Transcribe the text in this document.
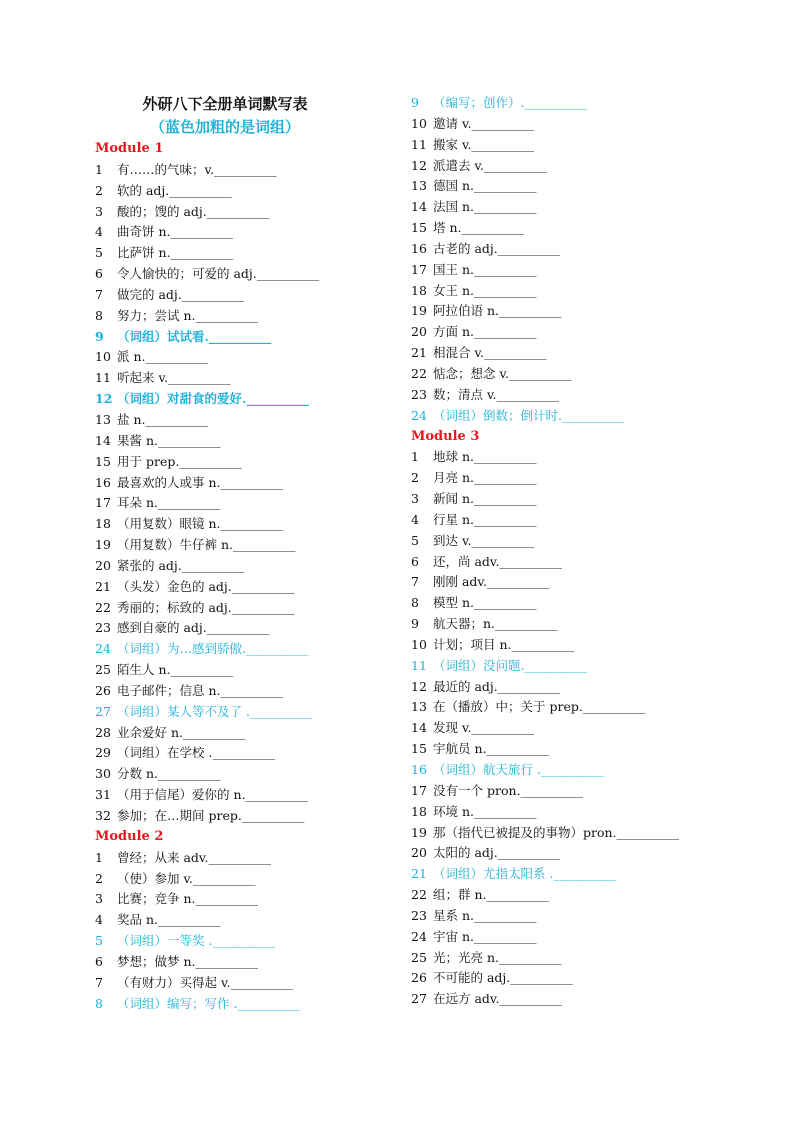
外研八下全册单词默写表
（蓝色加粗的是词组）
Module 1
1 有……的气味；v.__________
2 软的 adj.__________
3 酸的；馊的 adj.__________
4 曲奇饼 n.__________
5 比萨饼 n.__________
6 令人愉快的；可爱的 adj.__________
7 做完的 adj.__________
8 努力；尝试 n.__________
9 （词组）试试看.__________
10 派 n.__________
11 听起来 v.__________
12 （词组）对甜食的爱好.__________
13 盐 n.__________
14 果酱 n.__________
15 用于 prep.__________
16 最喜欢的人或事 n.__________
17 耳朵 n.__________
18 （用复数）眼镜 n.__________
19 （用复数）牛仔裤 n.__________
20 紧张的 adj.__________
21 （头发）金色的 adj.__________
22 秀丽的；标致的 adj.__________
23 感到自豪的 adj.__________
24 （词组）为…感到骄傲.__________
25 陌生人 n.__________
26 电子邮件；信息 n.__________
27 （词组）某人等不及了 .__________
28 业余爱好 n.__________
29 （词组）在学校 .__________
30 分数 n.__________
31 （用于信尾）爱你的 n.__________
32 参加；在…期间 prep.__________
Module 2
1 曾经；从来 adv.__________
2 （使）参加 v.__________
3 比赛；竞争 n.__________
4 奖品 n.__________
5 （词组）一等奖 .__________
6 梦想；做梦 n.__________
7 （有财力）买得起 v.__________
8 （词组）编写；写作 .__________
9 （编写；创作）.__________
10 邀请 v.__________
11 搬家 v.__________
12 派遣去 v.__________
13 德国 n.__________
14 法国 n.__________
15 塔 n.__________
16 古老的 adj.__________
17 国王 n.__________
18 女王 n.__________
19 阿拉伯语 n.__________
20 方面 n.__________
21 相混合 v.__________
22 惦念；想念 v.__________
23 数；清点 v.__________
24 （词组）倒数；倒计时.__________
Module 3
1 地球 n.__________
2 月亮 n.__________
3 新闻 n.__________
4 行星 n.__________
5 到达 v.__________
6 还，尚 adv.__________
7 刚刚 adv.__________
8 模型 n.__________
9 航天器；n.__________
10 计划；项目 n.__________
11 （词组）没问题.__________
12 最近的 adj.__________
13 在（播放）中；关于 prep.__________
14 发现 v.__________
15 宇航员 n.__________
16 （词组）航天旅行 .__________
17 没有一个 pron.__________
18 环境 n.__________
19 那（指代已被提及的事物）pron.__________
20 太阳的 adj.__________
21 （词组）尤指太阳系 .__________
22 组；群 n.__________
23 星系 n.__________
24 宇宙 n.__________
25 光；光亮 n.__________
26 不可能的 adj.__________
27 在远方 adv.__________
